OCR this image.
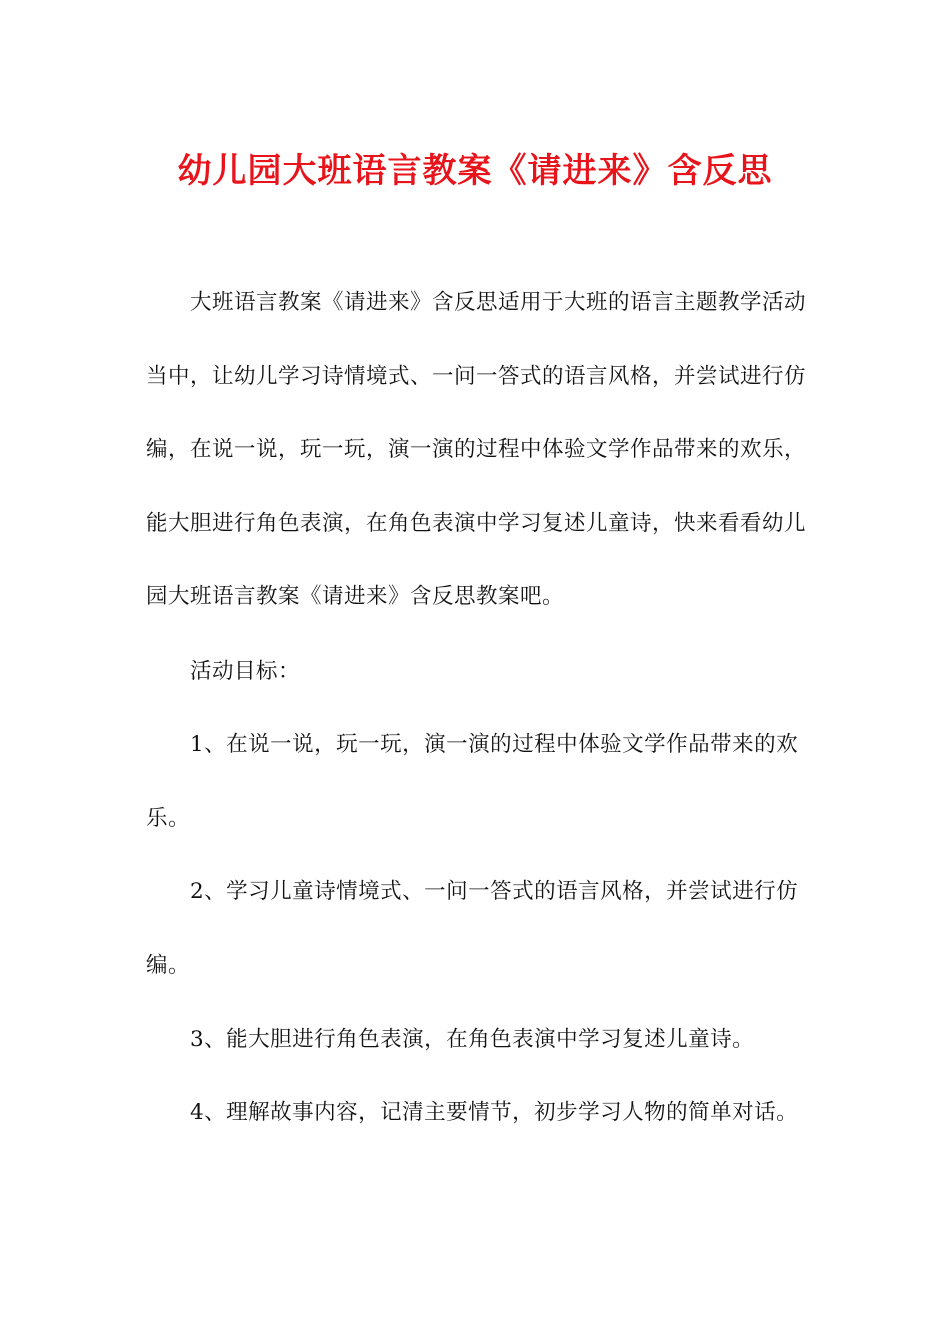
幼儿园大班语言教案《请进来》含反思

大班语言教案《请进来》含反思适用于大班的语言主题教学活动当中，让幼儿学习诗情境式、一问一答式的语言风格，并尝试进行仿编，在说一说，玩一玩，演一演的过程中体验文学作品带来的欢乐，能大胆进行角色表演，在角色表演中学习复述儿童诗，快来看看幼儿园大班语言教案《请进来》含反思教案吧。

活动目标：

1、在说一说，玩一玩，演一演的过程中体验文学作品带来的欢乐。

2、学习儿童诗情境式、一问一答式的语言风格，并尝试进行仿编。

3、能大胆进行角色表演，在角色表演中学习复述儿童诗。

4、理解故事内容，记清主要情节，初步学习人物的简单对话。
